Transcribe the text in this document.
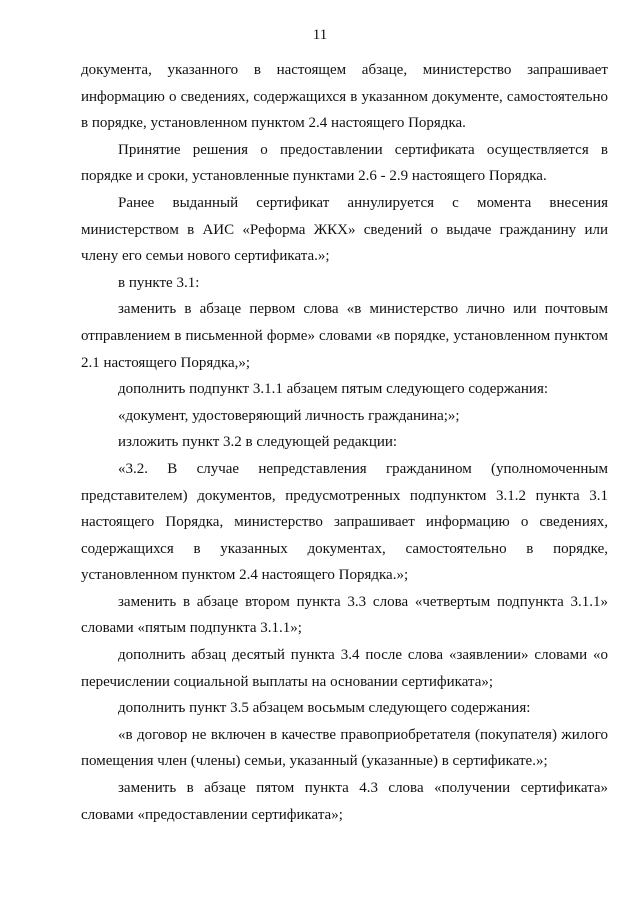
11

документа, указанного в настоящем абзаце, министерство запрашивает информацию о сведениях, содержащихся в указанном документе, самостоятельно в порядке, установленном пунктом 2.4 настоящего Порядка.

Принятие решения о предоставлении сертификата осуществляется в порядке и сроки, установленные пунктами 2.6 - 2.9 настоящего Порядка.

Ранее выданный сертификат аннулируется с момента внесения министерством в АИС «Реформа ЖКХ» сведений о выдаче гражданину или члену его семьи нового сертификата.»;

в пункте 3.1:

заменить в абзаце первом слова «в министерство лично или почтовым отправлением в письменной форме» словами «в порядке, установленном пунктом 2.1 настоящего Порядка,»;

дополнить подпункт 3.1.1 абзацем пятым следующего содержания:

«документ, удостоверяющий личность гражданина;»;

изложить пункт 3.2 в следующей редакции:

«3.2. В случае непредставления гражданином (уполномоченным представителем) документов, предусмотренных подпунктом 3.1.2 пункта 3.1 настоящего Порядка, министерство запрашивает информацию о сведениях, содержащихся в указанных документах, самостоятельно в порядке, установленном пунктом 2.4 настоящего Порядка.»;

заменить в абзаце втором пункта 3.3 слова «четвертым подпункта 3.1.1» словами «пятым подпункта 3.1.1»;

дополнить абзац десятый пункта 3.4 после слова «заявлении» словами «о перечислении социальной выплаты на основании сертификата»;

дополнить пункт 3.5 абзацем восьмым следующего содержания:

«в договор не включен в качестве правоприобретателя (покупателя) жилого помещения член (члены) семьи, указанный (указанные) в сертификате.»;

заменить в абзаце пятом пункта 4.3 слова «получении сертификата» словами «предоставлении сертификата»;
